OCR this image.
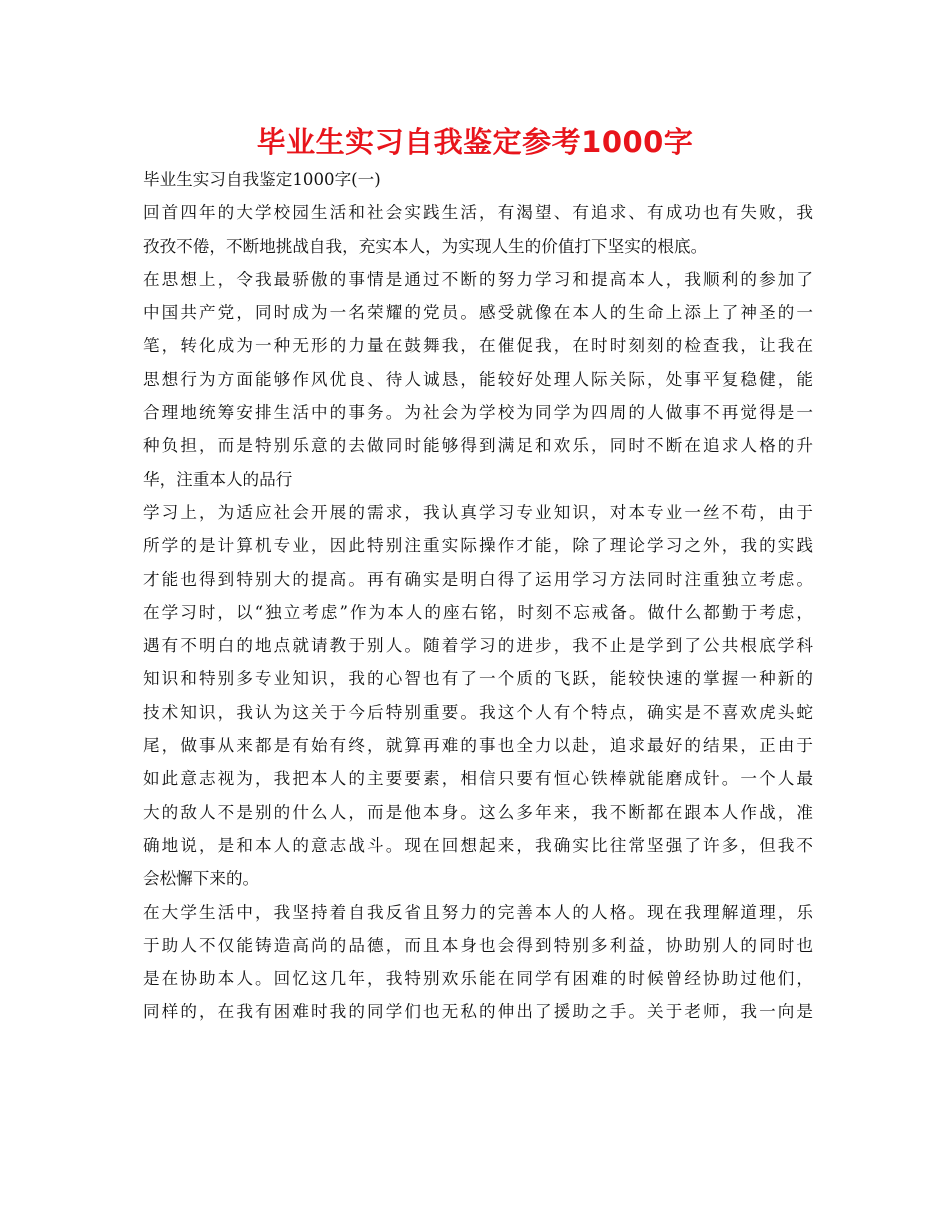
毕业生实习自我鉴定参考1000字
毕业生实习自我鉴定1000字(一)
回首四年的大学校园生活和社会实践生活，有渴望、有追求、有成功也有失败，我
孜孜不倦，不断地挑战自我，充实本人，为实现人生的价值打下坚实的根底。
在思想上，令我最骄傲的事情是通过不断的努力学习和提高本人，我顺利的参加了
中国共产党，同时成为一名荣耀的党员。感受就像在本人的生命上添上了神圣的一
笔，转化成为一种无形的力量在鼓舞我，在催促我，在时时刻刻的检查我，让我在
思想行为方面能够作风优良、待人诚恳，能较好处理人际关际，处事平复稳健，能
合理地统筹安排生活中的事务。为社会为学校为同学为四周的人做事不再觉得是一
种负担，而是特别乐意的去做同时能够得到满足和欢乐，同时不断在追求人格的升
华，注重本人的品行
学习上，为适应社会开展的需求，我认真学习专业知识，对本专业一丝不苟，由于
所学的是计算机专业，因此特别注重实际操作才能，除了理论学习之外，我的实践
才能也得到特别大的提高。再有确实是明白得了运用学习方法同时注重独立考虑。
在学习时，以“独立考虑”作为本人的座右铭，时刻不忘戒备。做什么都勤于考虑，
遇有不明白的地点就请教于别人。随着学习的进步，我不止是学到了公共根底学科
知识和特别多专业知识，我的心智也有了一个质的飞跃，能较快速的掌握一种新的
技术知识，我认为这关于今后特别重要。我这个人有个特点，确实是不喜欢虎头蛇
尾，做事从来都是有始有终，就算再难的事也全力以赴，追求最好的结果，正由于
如此意志视为，我把本人的主要要素，相信只要有恒心铁棒就能磨成针。一个人最
大的敌人不是别的什么人，而是他本身。这么多年来，我不断都在跟本人作战，准
确地说，是和本人的意志战斗。现在回想起来，我确实比往常坚强了许多，但我不
会松懈下来的。
在大学生活中，我坚持着自我反省且努力的完善本人的人格。现在我理解道理，乐
于助人不仅能铸造高尚的品德，而且本身也会得到特别多利益，协助别人的同时也
是在协助本人。回忆这几年，我特别欢乐能在同学有困难的时候曾经协助过他们，
同样的，在我有困难时我的同学们也无私的伸出了援助之手。关于老师，我一向是
